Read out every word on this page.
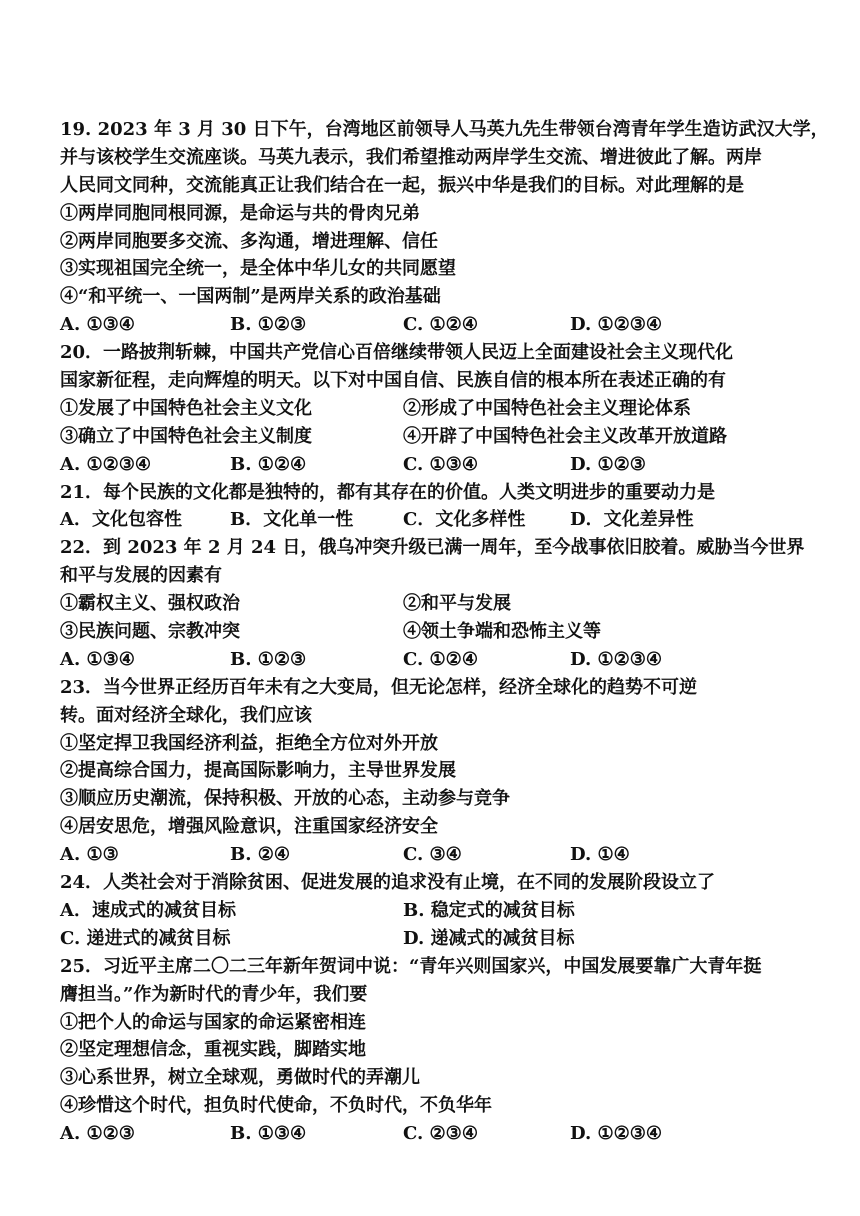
19. 2023 年 3 月 30 日下午，台湾地区前领导人马英九先生带领台湾青年学生造访武汉大学，
并与该校学生交流座谈。马英九表示，我们希望推动两岸学生交流、增进彼此了解。两岸
人民同文同种，交流能真正让我们结合在一起，振兴中华是我们的目标。对此理解的是
①两岸同胞同根同源，是命运与共的骨肉兄弟
②两岸同胞要多交流、多沟通，增进理解、信任
③实现祖国完全统一，是全体中华儿女的共同愿望
④“和平统一、一国两制”是两岸关系的政治基础
A. ①③④	B. ①②③	C. ①②④	D. ①②③④
20．一路披荆斩棘，中国共产党信心百倍继续带领人民迈上全面建设社会主义现代化
国家新征程，走向辉煌的明天。以下对中国自信、民族自信的根本所在表述正确的有
①发展了中国特色社会主义文化	②形成了中国特色社会主义理论体系
③确立了中国特色社会主义制度	④开辟了中国特色社会主义改革开放道路
A. ①②③④	B. ①②④	C. ①③④	D. ①②③
21．每个民族的文化都是独特的，都有其存在的价值。人类文明进步的重要动力是
A．文化包容性	B．文化单一性	C．文化多样性 D．文化差异性
22．到 2023 年 2 月 24 日，俄乌冲突升级已满一周年，至今战事依旧胶着。威胁当今世界
和平与发展的因素有
①霸权主义、强权政治	②和平与发展
③民族问题、宗教冲突	④领土争端和恐怖主义等
A. ①③④	B. ①②③	C. ①②④	D. ①②③④
23．当今世界正经历百年未有之大变局，但无论怎样，经济全球化的趋势不可逆
转。面对经济全球化，我们应该
①坚定捍卫我国经济利益，拒绝全方位对外开放
②提高综合国力，提高国际影响力，主导世界发展
③顺应历史潮流，保持积极、开放的心态，主动参与竞争
④居安思危，增强风险意识，注重国家经济安全
A. ①③	B. ②④	C. ③④	D. ①④
24．人类社会对于消除贫困、促进发展的追求没有止境，在不同的发展阶段设立了
A．速成式的减贫目标	B. 稳定式的减贫目标
C. 递进式的减贫目标	D. 递减式的减贫目标
25．习近平主席二〇二三年新年贺词中说：“青年兴则国家兴，中国发展要靠广大青年挺
膺担当。”作为新时代的青少年，我们要
①把个人的命运与国家的命运紧密相连
②坚定理想信念，重视实践，脚踏实地
③心系世界，树立全球观，勇做时代的弄潮儿
④珍惜这个时代，担负时代使命，不负时代，不负华年
A. ①②③	B. ①③④	C. ②③④	D. ①②③④
